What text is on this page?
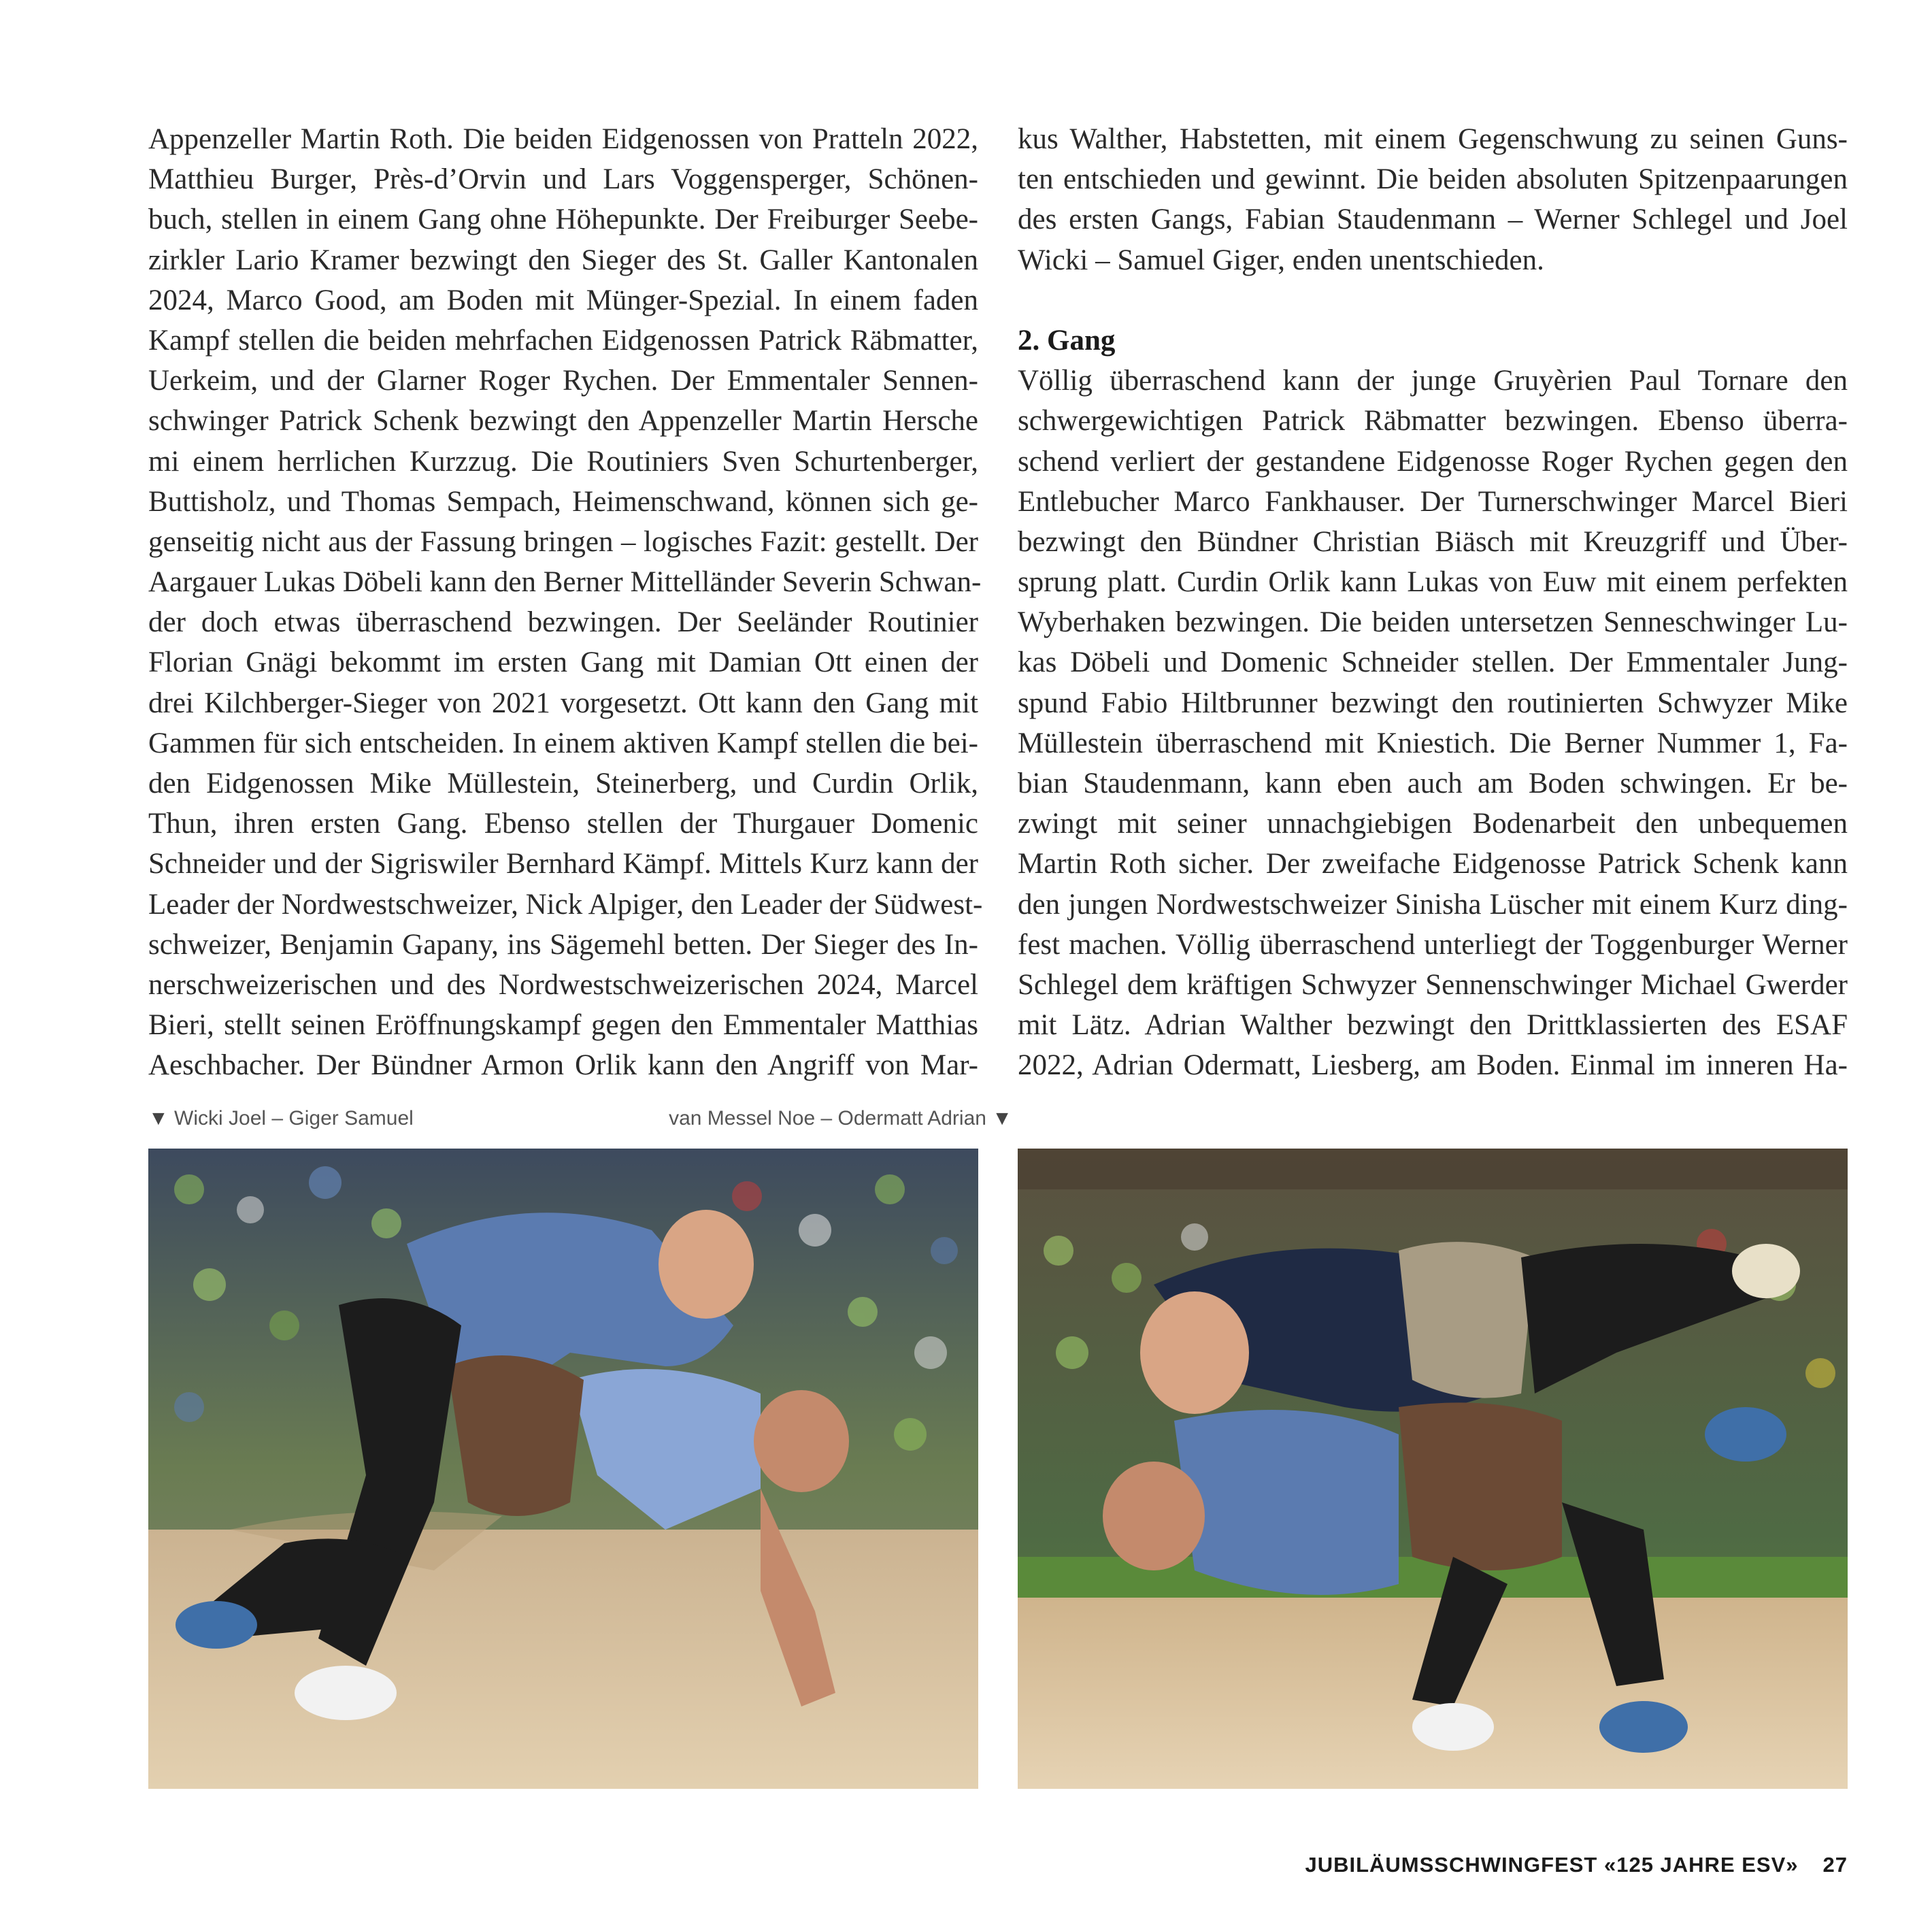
Appenzeller Martin Roth. Die beiden Eidgenossen von Pratteln 2022,
Matthieu Burger, Près-d’Orvin und Lars Voggensperger, Schönen-
buch, stellen in einem Gang ohne Höhepunkte. Der Freiburger Seebe-
zirkler Lario Kramer bezwingt den Sieger des St. Galler Kantonalen
2024, Marco Good, am Boden mit Münger-Spezial. In einem faden
Kampf stellen die beiden mehrfachen Eidgenossen Patrick Räbmatter,
Uerkeim, und der Glarner Roger Rychen. Der Emmentaler Sennen-
schwinger Patrick Schenk bezwingt den Appenzeller Martin Hersche
mi einem herrlichen Kurzzug. Die Routiniers Sven Schurtenberger,
Buttisholz, und Thomas Sempach, Heimenschwand, können sich ge-
genseitig nicht aus der Fassung bringen – logisches Fazit: gestellt. Der
Aargauer Lukas Döbeli kann den Berner Mittelländer Severin Schwan-
der doch etwas überraschend bezwingen. Der Seeländer Routinier
Florian Gnägi bekommt im ersten Gang mit Damian Ott einen der
drei Kilchberger-Sieger von 2021 vorgesetzt. Ott kann den Gang mit
Gammen für sich entscheiden. In einem aktiven Kampf stellen die bei-
den Eidgenossen Mike Müllestein, Steinerberg, und Curdin Orlik,
Thun, ihren ersten Gang. Ebenso stellen der Thurgauer Domenic
Schneider und der Sigriswiler Bernhard Kämpf. Mittels Kurz kann der
Leader der Nordwestschweizer, Nick Alpiger, den Leader der Südwest-
schweizer, Benjamin Gapany, ins Sägemehl betten. Der Sieger des In-
nerschweizerischen und des Nordwestschweizerischen 2024, Marcel
Bieri, stellt seinen Eröffnungskampf gegen den Emmentaler Matthias
Aeschbacher. Der Bündner Armon Orlik kann den Angriff von Mar-
kus Walther, Habstetten, mit einem Gegenschwung zu seinen Guns-
ten entschieden und gewinnt. Die beiden absoluten Spitzenpaarungen
des ersten Gangs, Fabian Staudenmann – Werner Schlegel und Joel
Wicki – Samuel Giger, enden unentschieden.
2. Gang
Völlig überraschend kann der junge Gruyèrien Paul Tornare den
schwergewichtigen Patrick Räbmatter bezwingen. Ebenso überra-
schend verliert der gestandene Eidgenosse Roger Rychen gegen den
Entlebucher Marco Fankhauser. Der Turnerschwinger Marcel Bieri
bezwingt den Bündner Christian Biäsch mit Kreuzgriff und Über-
sprung platt. Curdin Orlik kann Lukas von Euw mit einem perfekten
Wyberhaken bezwingen. Die beiden untersetzen Senneschwinger Lu-
kas Döbeli und Domenic Schneider stellen. Der Emmentaler Jung-
spund Fabio Hiltbrunner bezwingt den routinierten Schwyzer Mike
Müllestein überraschend mit Kniestich. Die Berner Nummer 1, Fa-
bian Staudenmann, kann eben auch am Boden schwingen. Er be-
zwingt mit seiner unnachgiebigen Bodenarbeit den unbequemen
Martin Roth sicher. Der zweifache Eidgenosse Patrick Schenk kann
den jungen Nordwestschweizer Sinisha Lüscher mit einem Kurz ding-
fest machen. Völlig überraschend unterliegt der Toggenburger Werner
Schlegel dem kräftigen Schwyzer Sennenschwinger Michael Gwerder
mit Lätz. Adrian Walther bezwingt den Drittklassierten des ESAF
2022, Adrian Odermatt, Liesberg, am Boden. Einmal im inneren Ha-
▼ Wicki Joel – Giger Samuel	van Messel Noe – Odermatt Adrian ▼
JUBILÄUMSSCHWINGFEST «125 JAHRE ESV» 27
